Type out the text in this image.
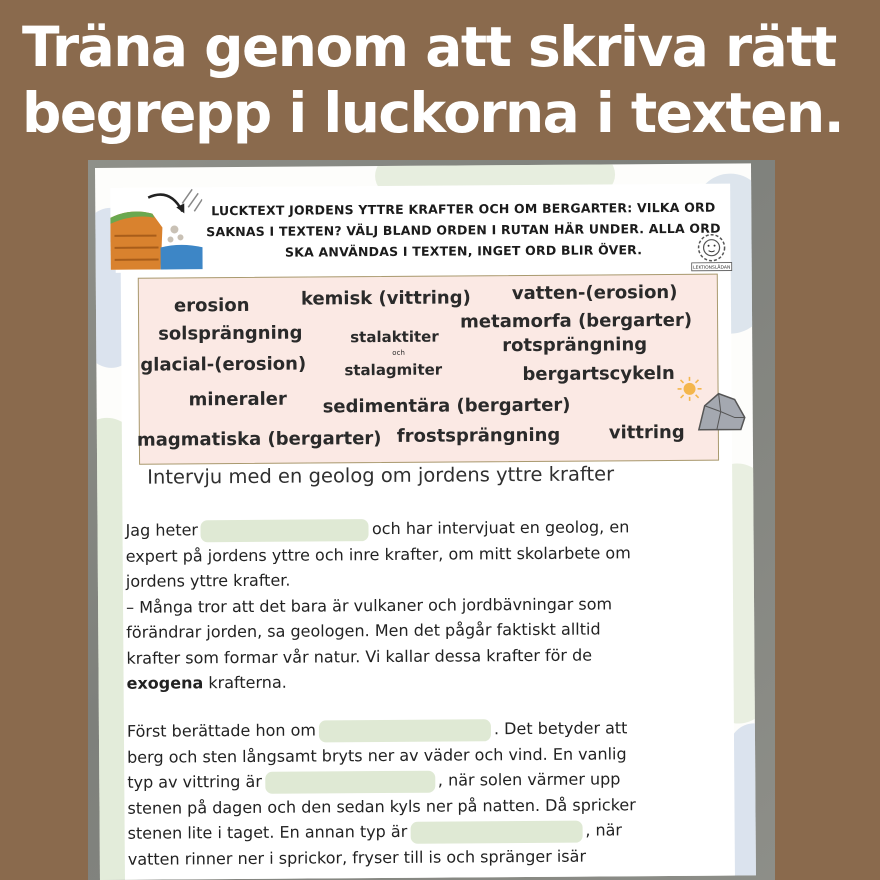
Träna genom att skriva rätt
begrepp i luckorna i texten.
LUCKTEXT JORDENS YTTRE KRAFTER OCH OM BERGARTER: VILKA ORD SAKNAS I TEXTEN? VÄLJ BLAND ORDEN I RUTAN HÄR UNDER. ALLA ORD SKA ANVÄNDAS I TEXTEN, INGET ORD BLIR ÖVER.
LEKTIONSLÅDAN
erosion	kemisk (vittring) vatten-(erosion)
solsprängning	stalaktiter
metamorfa (bergarter)
och
glacial-(erosion)	stalagmiter
rotsprängning
bergartscykeln
mineraler sedimentära (bergarter)
magmatiska (bergarter) frostsprängning	vittring
Intervju med en geolog om jordens yttre krafter
Jag heter	och har intervjuat en geolog, en
expert på jordens yttre och inre krafter, om mitt skolarbete om
jordens yttre krafter.
– Många tror att det bara är vulkaner och jordbävningar som
förändrar jorden, sa geologen. Men det pågår faktiskt alltid
krafter som formar vår natur. Vi kallar dessa krafter för de
exogena krafterna.
Först berättade hon om	. Det betyder att
berg och sten långsamt bryts ner av väder och vind. En vanlig
typ av vittring är	, när solen värmer upp
stenen på dagen och den sedan kyls ner på natten. Då spricker
stenen lite i taget. En annan typ är	, när
vatten rinner ner i sprickor, fryser till is och spränger isär
